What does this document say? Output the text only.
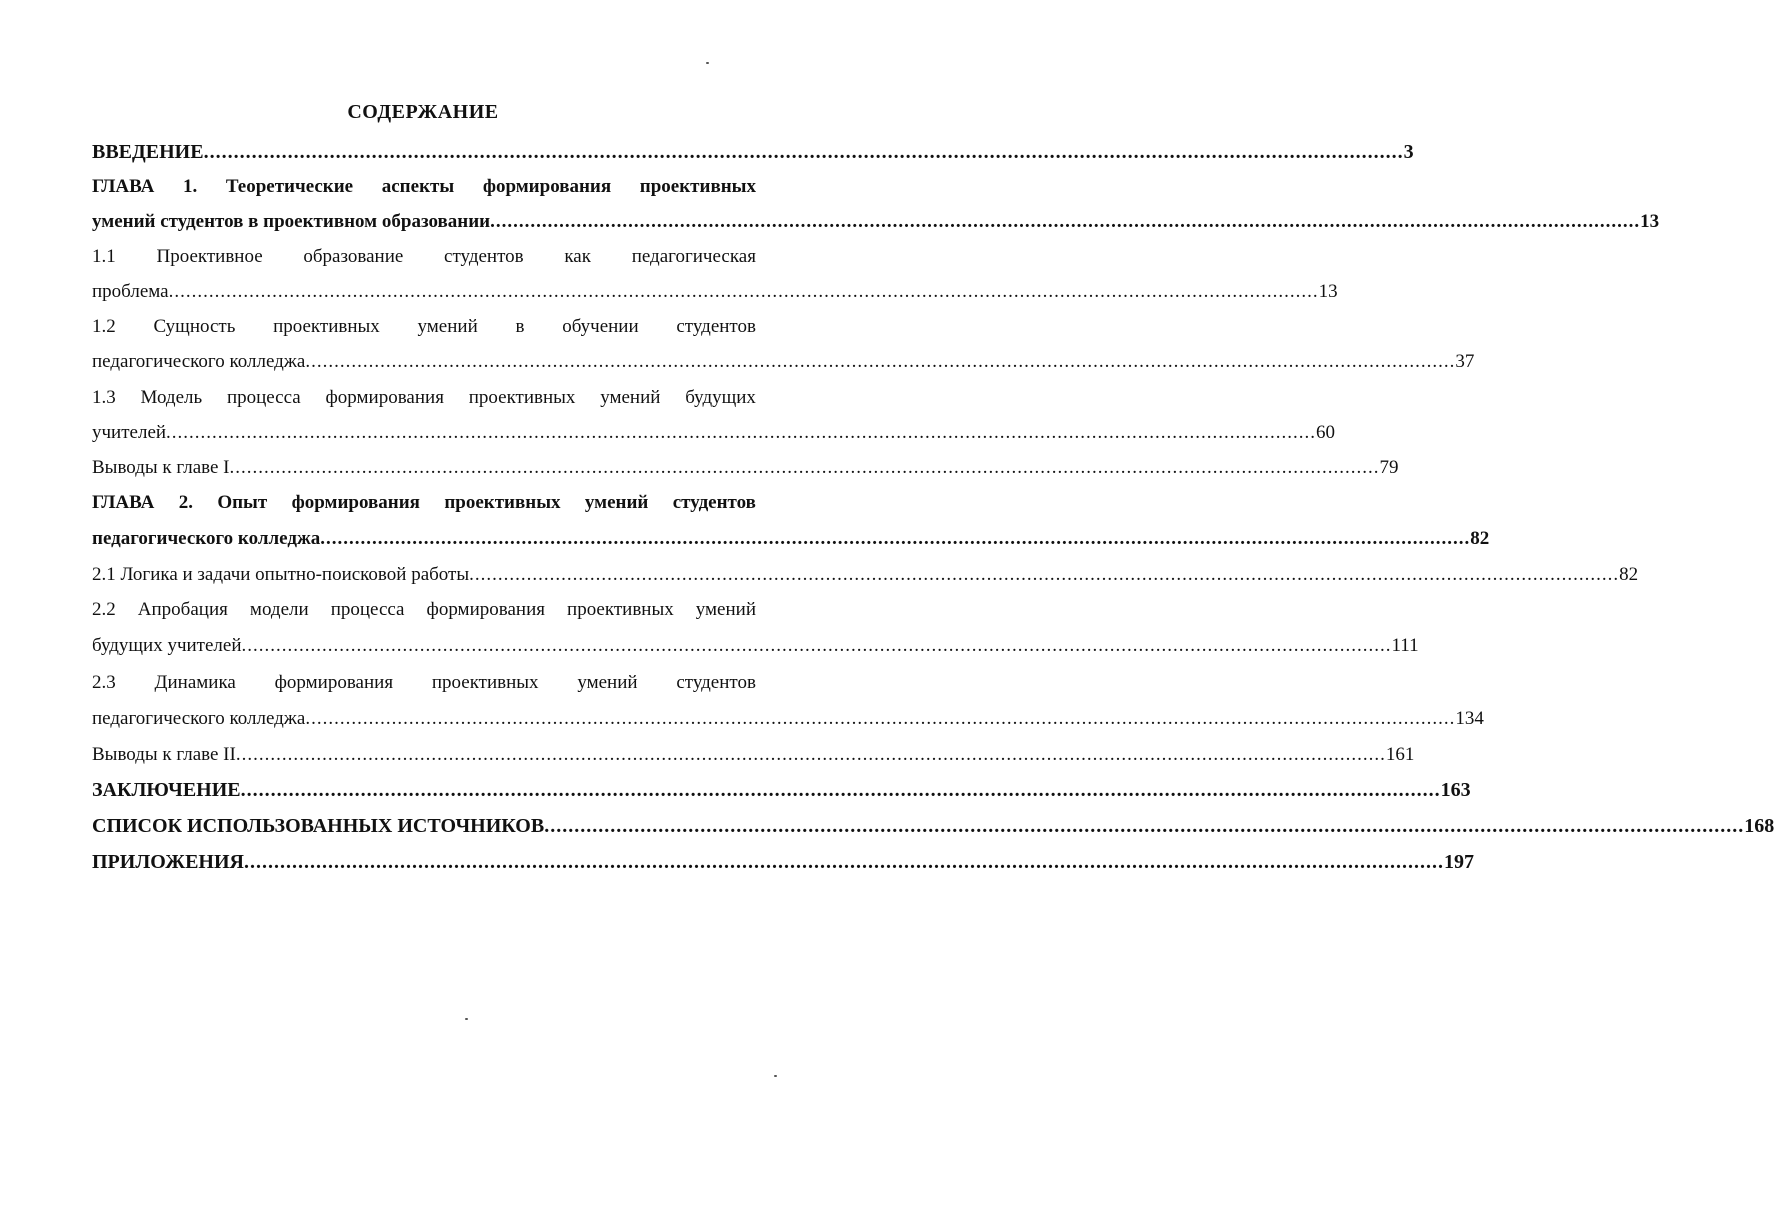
СОДЕРЖАНИЕ
ВВЕДЕНИЕ ........................................................................................................................................................................................................ 3
ГЛАВА 1. Теоретические аспекты формирования проективных
умений студентов в проективном образовании ........................................................................................................................................................................................................ 13
1.1 Проективное образование студентов как педагогическая
проблема ........................................................................................................................................................................................................ 13
1.2 Сущность проективных умений в обучении студентов
педагогического колледжа ........................................................................................................................................................................................................ 37
1.3 Модель процесса формирования проективных умений будущих
учителей ........................................................................................................................................................................................................ 60
Выводы к главе I ........................................................................................................................................................................................................ 79
ГЛАВА 2. Опыт формирования проективных умений студентов
педагогического колледжа ........................................................................................................................................................................................................ 82
2.1 Логика и задачи опытно-поисковой работы ........................................................................................................................................................................................................ 82
2.2 Апробация модели процесса формирования проективных умений
будущих учителей ........................................................................................................................................................................................................ 111
2.3 Динамика формирования проективных умений студентов
педагогического колледжа ........................................................................................................................................................................................................ 134
Выводы к главе II ........................................................................................................................................................................................................ 161
ЗАКЛЮЧЕНИЕ ........................................................................................................................................................................................................ 163
СПИСОК ИСПОЛЬЗОВАННЫХ ИСТОЧНИКОВ ........................................................................................................................................................................................................ 168
ПРИЛОЖЕНИЯ ........................................................................................................................................................................................................ 197
